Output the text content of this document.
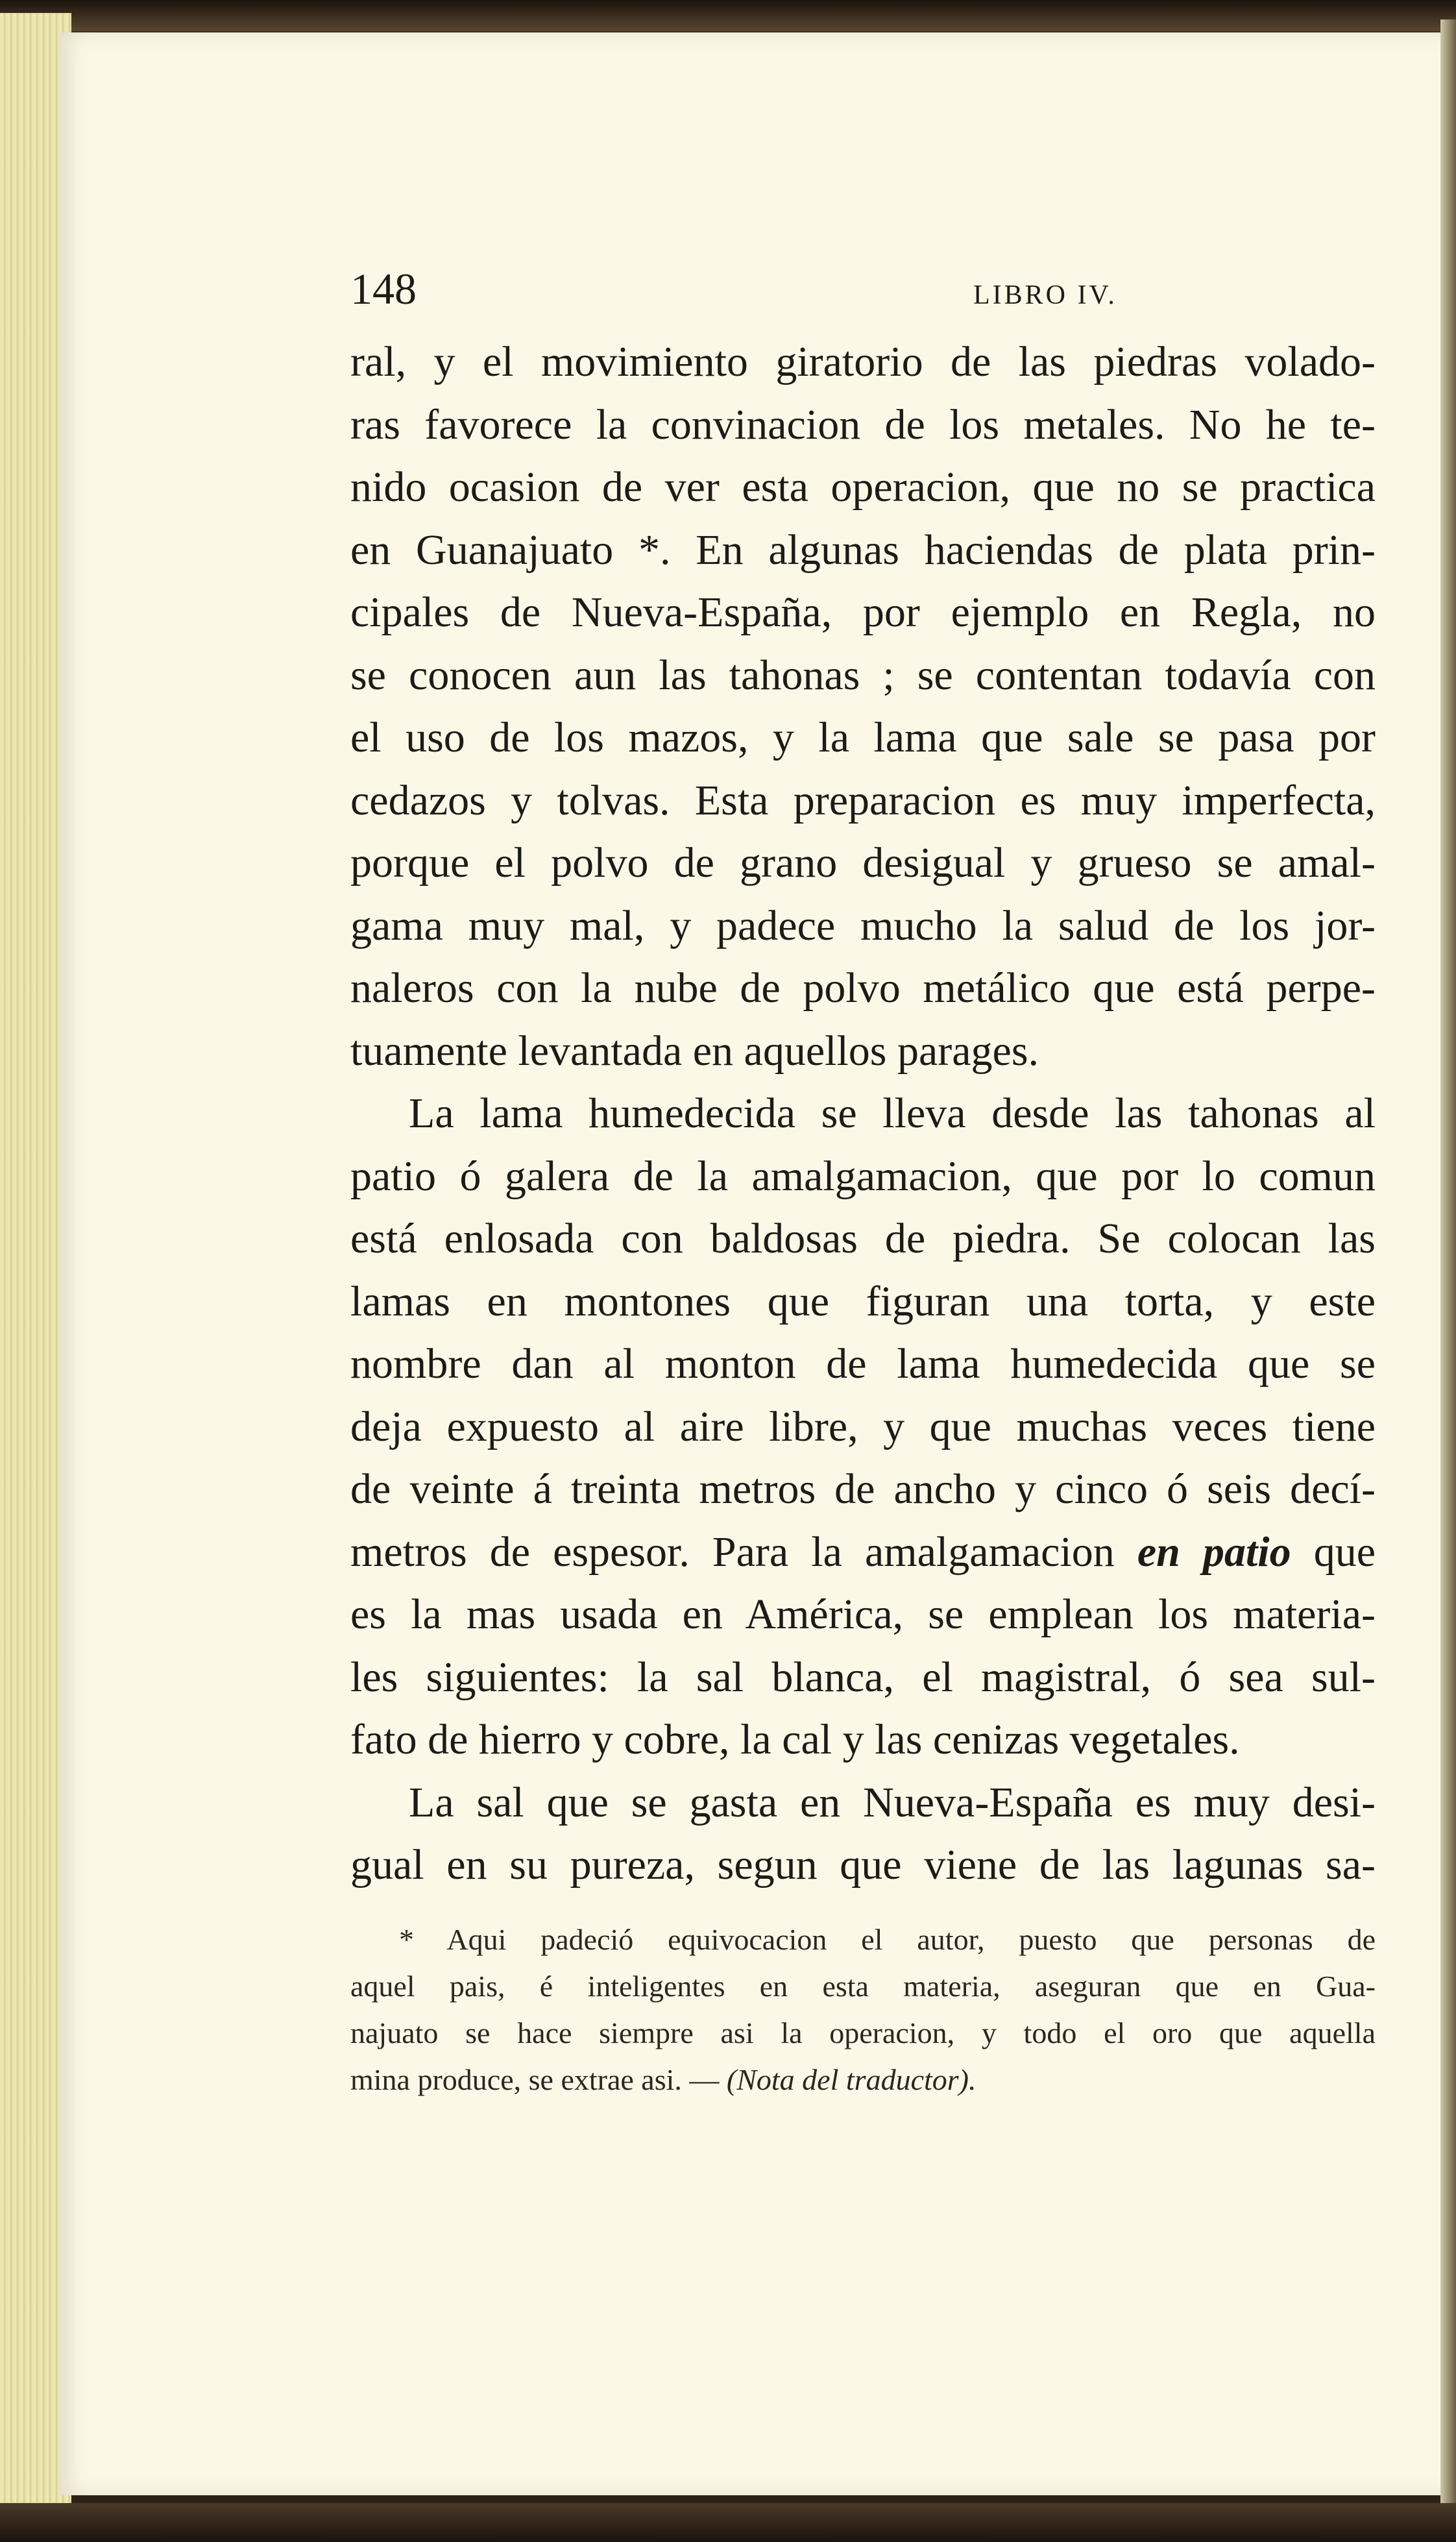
148	LIBRO IV.
ral, y el movimiento giratorio de las piedras volado-
ras favorece la convinacion de los metales. No he te-
nido ocasion de ver esta operacion, que no se practica
en Guanajuato *. En algunas haciendas de plata prin-
cipales de Nueva-España, por ejemplo en Regla, no
se conocen aun las tahonas ; se contentan todavía con
el uso de los mazos, y la lama que sale se pasa por
cedazos y tolvas. Esta preparacion es muy imperfecta,
porque el polvo de grano desigual y grueso se amal-
gama muy mal, y padece mucho la salud de los jor-
naleros con la nube de polvo metálico que está perpe-
tuamente levantada en aquellos parages.
La lama humedecida se lleva desde las tahonas al
patio ó galera de la amalgamacion, que por lo comun
está enlosada con baldosas de piedra. Se colocan las
lamas en montones que figuran una torta, y este
nombre dan al monton de lama humedecida que se
deja expuesto al aire libre, y que muchas veces tiene
de veinte á treinta metros de ancho y cinco ó seis decí-
metros de espesor. Para la amalgamacion en patio que
es la mas usada en América, se emplean los materia-
les siguientes: la sal blanca, el magistral, ó sea sul-
fato de hierro y cobre, la cal y las cenizas vegetales.
La sal que se gasta en Nueva-España es muy desi-
gual en su pureza, segun que viene de las lagunas sa-
* Aqui padeció equivocacion el autor, puesto que personas de
aquel pais, é inteligentes en esta materia, aseguran que en Gua-
najuato se hace siempre asi la operacion, y todo el oro que aquella
mina produce, se extrae asi. — (Nota del traductor).
